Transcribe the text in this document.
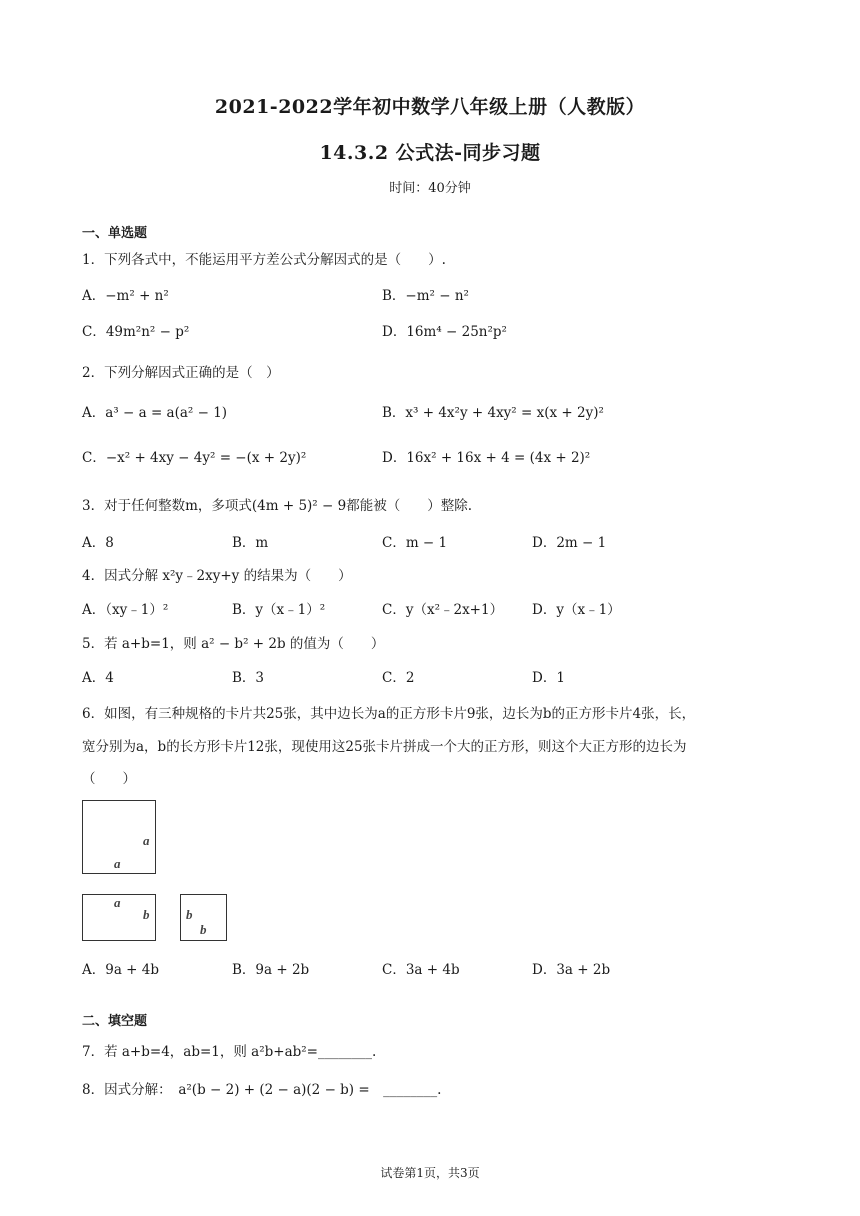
2021-2022学年初中数学八年级上册（人教版）
14.3.2 公式法-同步习题
时间：40分钟
一、单选题
1．下列各式中，不能运用平方差公式分解因式的是（　　）.
A．−m² + n²	B．−m² − n²
C．49m²n² − p²	D．16m⁴ − 25n²p²
2．下列分解因式正确的是（　）
A．a³ − a = a(a² − 1)	B．x³ + 4x²y + 4xy² = x(x + 2y)²
C．−x² + 4xy − 4y² = −(x + 2y)²	D．16x² + 16x + 4 = (4x + 2)²
3．对于任何整数m，多项式(4m + 5)² − 9都能被（　　）整除.
A．8	B．m	C．m − 1	D．2m − 1
4．因式分解 x²y﹣2xy+y 的结果为（　　）
A．（xy﹣1）²	B．y（x﹣1）²	C．y（x²﹣2x+1） D．y（x﹣1）
5．若 a+b=1，则 a² − b² + 2b 的值为（　　）
A．4	B．3	C．2	D．1
6．如图，有三种规格的卡片共25张，其中边长为a的正方形卡片9张，边长为b的正方形卡片4张，长，
宽分别为a，b的长方形卡片12张，现使用这25张卡片拼成一个大的正方形，则这个大正方形的边长为
（　　）
a
a
a
b	b
b
A．9a + 4b	B．9a + 2b	C．3a + 4b	D．3a + 2b
二、填空题
7．若 a+b=4，ab=1，则 a²b+ab²=________.
8．因式分解：　a²(b − 2) + (2 − a)(2 − b) =　________.
试卷第1页，共3页
